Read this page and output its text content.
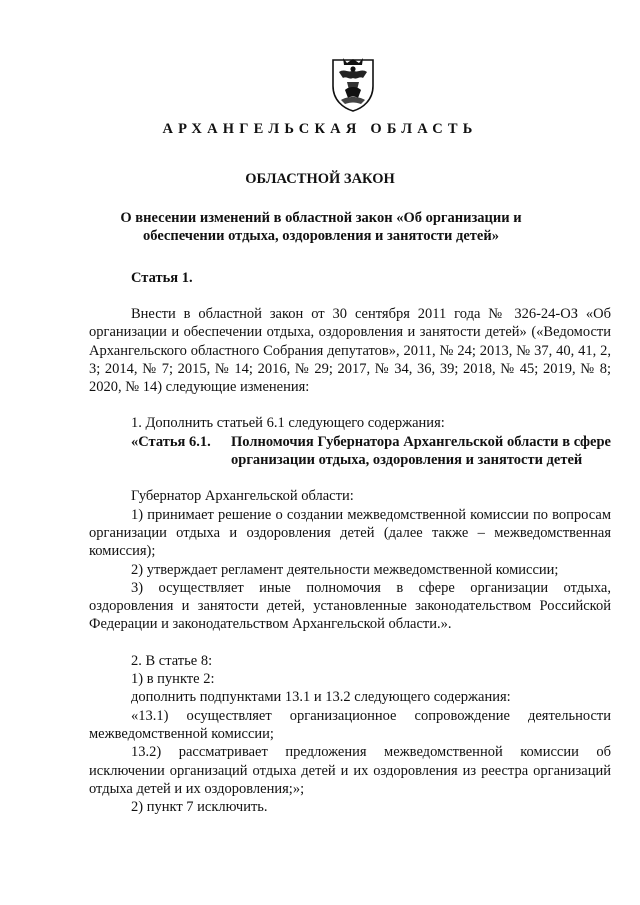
АРХАНГЕЛЬСКАЯ ОБЛАСТЬ
ОБЛАСТНОЙ ЗАКОН
О внесении изменений в областной закон «Об организации и обеспечении отдыха, оздоровления и занятости детей»
Статья 1.

Внести в областной закон от 30 сентября 2011 года № 326-24-ОЗ «Об организации и обеспечении отдыха, оздоровления и занятости детей» («Ведомости Архангельского областного Собрания депутатов», 2011, № 24; 2013, № 37, 40, 41, 2, 3; 2014, № 7; 2015, № 14; 2016, № 29; 2017, № 34, 36, 39; 2018, № 45; 2019, № 8; 2020, № 14) следующие изменения:

1. Дополнить статьей 6.1 следующего содержания:

«Статья 6.1.	Полномочия Губернатора Архангельской области в сфере организации отдыха, оздоровления и занятости детей

Губернатор Архангельской области:

1) принимает решение о создании межведомственной комиссии по вопросам организации отдыха и оздоровления детей (далее также – межведомственная комиссия);

2) утверждает регламент деятельности межведомственной комиссии;

3) осуществляет иные полномочия в сфере организации отдыха, оздоровления и занятости детей, установленные законодательством Российской Федерации и законодательством Архангельской области.».

2. В статье 8:

1) в пункте 2:

дополнить подпунктами 13.1 и 13.2 следующего содержания:

«13.1) осуществляет организационное сопровождение деятельности межведомственной комиссии;

13.2) рассматривает предложения межведомственной комиссии об исключении организаций отдыха детей и их оздоровления из реестра организаций отдыха детей и их оздоровления;»;

2) пункт 7 исключить.
